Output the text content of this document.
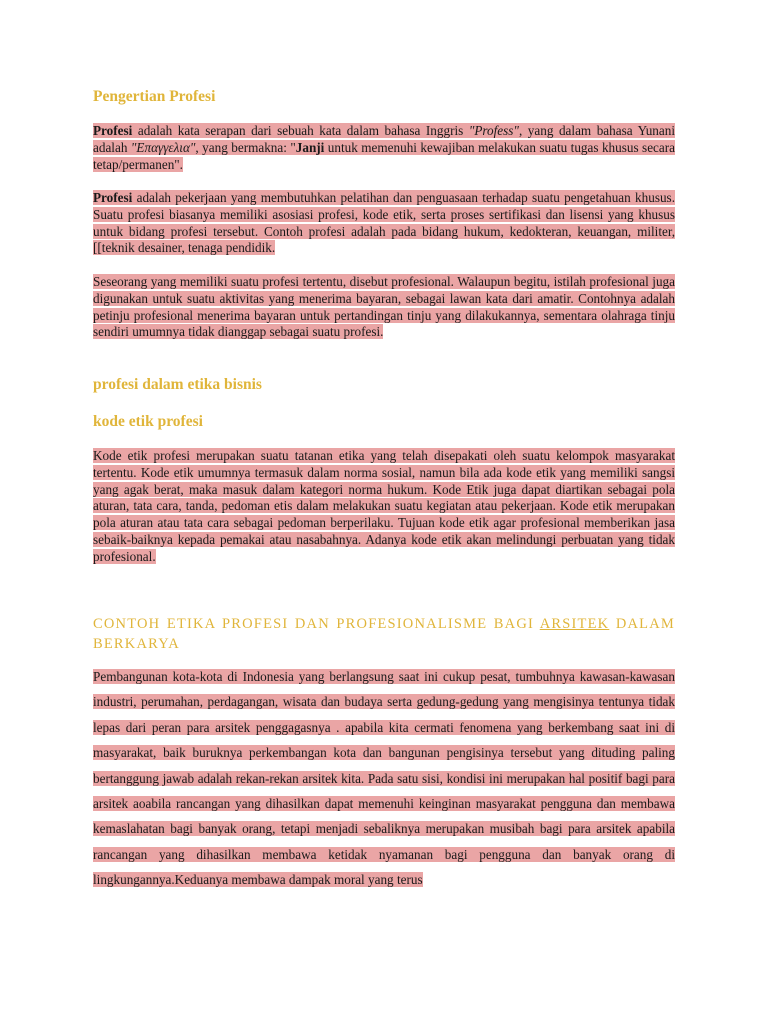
Pengertian Profesi

Profesi adalah kata serapan dari sebuah kata dalam bahasa Inggris "Profess", yang dalam bahasa Yunani adalah "Επαγγελια", yang bermakna: "Janji untuk memenuhi kewajiban melakukan suatu tugas khusus secara tetap/permanen".

Profesi adalah pekerjaan yang membutuhkan pelatihan dan penguasaan terhadap suatu pengetahuan khusus. Suatu profesi biasanya memiliki asosiasi profesi, kode etik, serta proses sertifikasi dan lisensi yang khusus untuk bidang profesi tersebut. Contoh profesi adalah pada bidang hukum, kedokteran, keuangan, militer,[[teknik desainer, tenaga pendidik.

Seseorang yang memiliki suatu profesi tertentu, disebut profesional. Walaupun begitu, istilah profesional juga digunakan untuk suatu aktivitas yang menerima bayaran, sebagai lawan kata dari amatir. Contohnya adalah petinju profesional menerima bayaran untuk pertandingan tinju yang dilakukannya, sementara olahraga tinju sendiri umumnya tidak dianggap sebagai suatu profesi.

profesi dalam etika bisnis
kode etik profesi

Kode etik profesi merupakan suatu tatanan etika yang telah disepakati oleh suatu kelompok masyarakat tertentu. Kode etik umumnya termasuk dalam norma sosial, namun bila ada kode etik yang memiliki sangsi yang agak berat, maka masuk dalam kategori norma hukum. Kode Etik juga dapat diartikan sebagai pola aturan, tata cara, tanda, pedoman etis dalam melakukan suatu kegiatan atau pekerjaan. Kode etik merupakan pola aturan atau tata cara sebagai pedoman berperilaku. Tujuan kode etik agar profesional memberikan jasa sebaik-baiknya kepada pemakai atau nasabahnya. Adanya kode etik akan melindungi perbuatan yang tidak profesional.

CONTOH ETIKA PROFESI DAN PROFESIONALISME BAGI ARSITEK DALAM BERKARYA

Pembangunan kota-kota di Indonesia yang berlangsung saat ini cukup pesat, tumbuhnya kawasan-kawasan industri, perumahan, perdagangan, wisata dan budaya serta gedung-gedung yang mengisinya tentunya tidak lepas dari peran para arsitek penggagasnya . apabila kita cermati fenomena yang berkembang saat ini di masyarakat, baik buruknya perkembangan kota dan bangunan pengisinya tersebut yang dituding paling bertanggung jawab adalah rekan-rekan arsitek kita. Pada satu sisi, kondisi ini merupakan hal positif bagi para arsitek aoabila rancangan yang dihasilkan dapat memenuhi keinginan masyarakat pengguna dan membawa kemaslahatan bagi banyak orang, tetapi menjadi sebaliknya merupakan musibah bagi para arsitek apabila rancangan yang dihasilkan membawa ketidak nyamanan bagi pengguna dan banyak orang di lingkungannya.Keduanya membawa dampak moral yang terus
